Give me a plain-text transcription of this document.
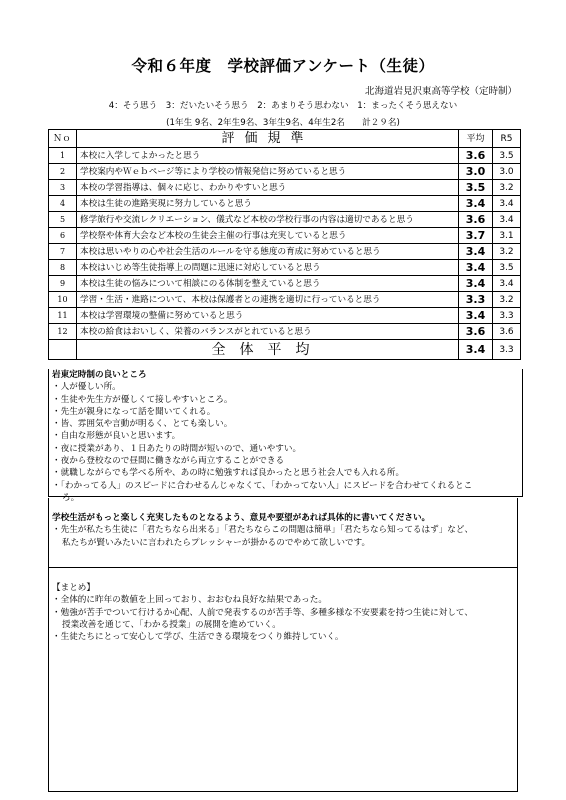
令和６年度　学校評価アンケート（生徒）
北海道岩見沢東高等学校（定時制）
4：そう思う　3：だいたいそう思う　2：あまりそう思わない　1：まったくそう思えない
(1年生 9名、2年生9名、3年生9名、4年生2名　　計２９名)
Ｎｏ	評価規準	平均	R5
1	本校に入学してよかったと思う	3.6	3.5
2	学校案内やＷｅｂページ等により学校の情報発信に努めていると思う	3.0	3.0
3	本校の学習指導は、個々に応じ、わかりやすいと思う	3.5	3.2
4	本校は生徒の進路実現に努力していると思う	3.4	3.4
5	修学旅行や交流レクリエーション、儀式など本校の学校行事の内容は適切であると思う	3.6	3.4
6	学校祭や体育大会など本校の生徒会主催の行事は充実していると思う	3.7	3.1
7	本校は思いやりの心や社会生活のルールを守る態度の育成に努めていると思う	3.4	3.2
8	本校はいじめ等生徒指導上の問題に迅速に対応していると思う	3.4	3.5
9	本校は生徒の悩みについて相談にのる体制を整えていると思う	3.4	3.4
10	学習・生活・進路について、本校は保護者との連携を適切に行っていると思う	3.3	3.2
11	本校は学習環境の整備に努めていると思う	3.4	3.3
12	本校の給食はおいしく、栄養のバランスがとれていると思う	3.6	3.6
	全体平均	3.4	3.3
岩東定時制の良いところ
・人が優しい所。
・生徒や先生方が優しくて接しやすいところ。
・先生が親身になって話を聞いてくれる。
・皆、雰囲気や言動が明るく、とても楽しい。
・自由な形態が良いと思います。
・夜に授業があり、１日あたりの時間が短いので、通いやすい。
・夜から登校なので昼間に働きながら両立することができる
・就職しながらでも学べる所や、あの時に勉強すれば良かったと思う社会人でも入れる所。
・「わかってる人」のスピードに合わせるんじゃなくて、「わかってない人」にスピードを合わせてくれるとこ
ろ。
学校生活がもっと楽しく充実したものとなるよう、意見や要望があれば具体的に書いてください。
・先生が私たち生徒に「君たちなら出来る」「君たちならこの問題は簡単」「君たちなら知ってるはず」など、
私たちが賢いみたいに言われたらプレッシャーが掛かるのでやめて欲しいです。
【まとめ】
・全体的に昨年の数値を上回っており、おおむね良好な結果であった。
・勉強が苦手でついて行けるか心配、人前で発表するのが苦手等、多種多様な不安要素を持つ生徒に対して、
授業改善を通じて、「わかる授業」の展開を進めていく。
・生徒たちにとって安心して学び、生活できる環境をつくり維持していく。
